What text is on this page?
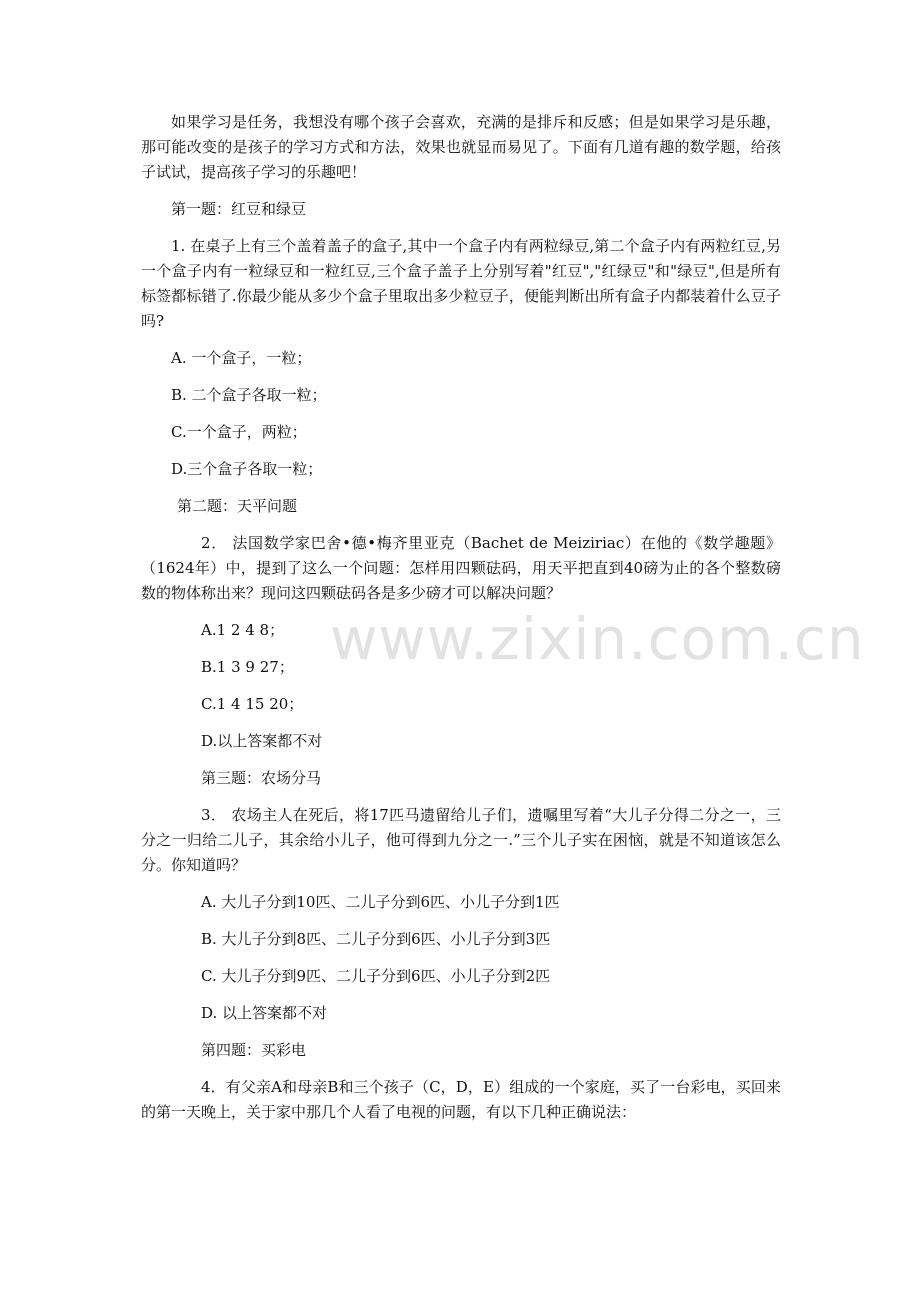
www.zixin.com.cn

如果学习是任务，我想没有哪个孩子会喜欢，充满的是排斥和反感；但是如果学习是乐趣，那可能改变的是孩子的学习方式和方法，效果也就显而易见了。下面有几道有趣的数学题，给孩子试试，提高孩子学习的乐趣吧！

第一题：红豆和绿豆

1. 在桌子上有三个盖着盖子的盒子,其中一个盒子内有两粒绿豆,第二个盒子内有两粒红豆,另一个盒子内有一粒绿豆和一粒红豆,三个盒子盖子上分别写着"红豆","红绿豆"和"绿豆",但是所有标签都标错了.你最少能从多少个盒子里取出多少粒豆子，便能判断出所有盒子内都装着什么豆子吗?

A. 一个盒子，一粒；

B. 二个盒子各取一粒；

C.一个盒子，两粒；

D.三个盒子各取一粒；

第二题：天平问题

2． 法国数学家巴舍•德•梅齐里亚克（Bachet de Meiziriac）在他的《数学趣题》（1624年）中，提到了这么一个问题：怎样用四颗砝码，用天平把直到40磅为止的各个整数磅数的物体称出来？现问这四颗砝码各是多少磅才可以解决问题？

A.1 2 4 8；

B.1 3 9 27；

C.1 4 15 20；

D.以上答案都不对

第三题：农场分马

3． 农场主人在死后，将17匹马遗留给儿子们，遗嘱里写着“大儿子分得二分之一，三分之一归给二儿子，其余给小儿子，他可得到九分之一.”三个儿子实在困恼，就是不知道该怎么分。你知道吗？

A. 大儿子分到10匹、二儿子分到6匹、小儿子分到1匹

B. 大儿子分到8匹、二儿子分到6匹、小儿子分到3匹

C. 大儿子分到9匹、二儿子分到6匹、小儿子分到2匹

D. 以上答案都不对

第四题：买彩电

4．有父亲A和母亲B和三个孩子（C，D，E）组成的一个家庭，买了一台彩电，买回来的第一天晚上，关于家中那几个人看了电视的问题，有以下几种正确说法：
